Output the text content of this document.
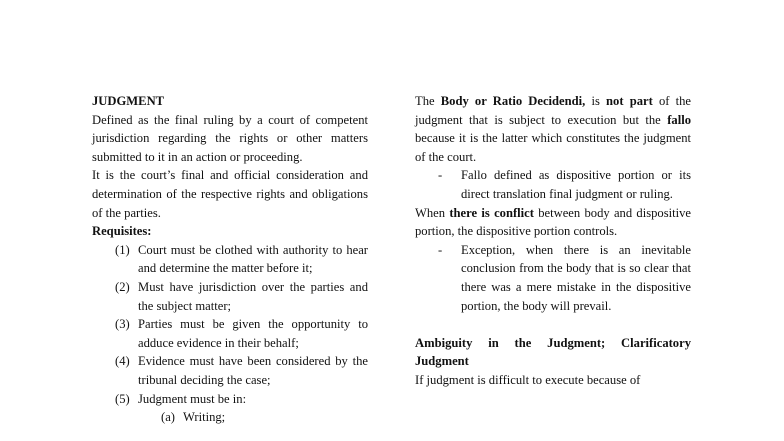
JUDGMENT

Defined as the final ruling by a court of competent jurisdiction regarding the rights or other matters submitted to it in an action or proceeding.

It is the court’s final and official consideration and determination of the respective rights and obligations of the parties.

Requisites:

(1) Court must be clothed with authority to hear and determine the matter before it;
(2) Must have jurisdiction over the parties and the subject matter;
(3) Parties must be given the opportunity to adduce evidence in their behalf;
(4) Evidence must have been considered by the tribunal deciding the case;
(5) Judgment must be in:
(a) Writing;

The Body or Ratio Decidendi, is not part of the judgment that is subject to execution but the fallo because it is the latter which constitutes the judgment of the court.

- Fallo defined as dispositive portion or its direct translation final judgment or ruling.

When there is conflict between body and dispositive portion, the dispositive portion controls.

- Exception, when there is an inevitable conclusion from the body that is so clear that there was a mere mistake in the dispositive portion, the body will prevail.

Ambiguity in the Judgment; Clarificatory Judgment

If judgment is difficult to execute because of
